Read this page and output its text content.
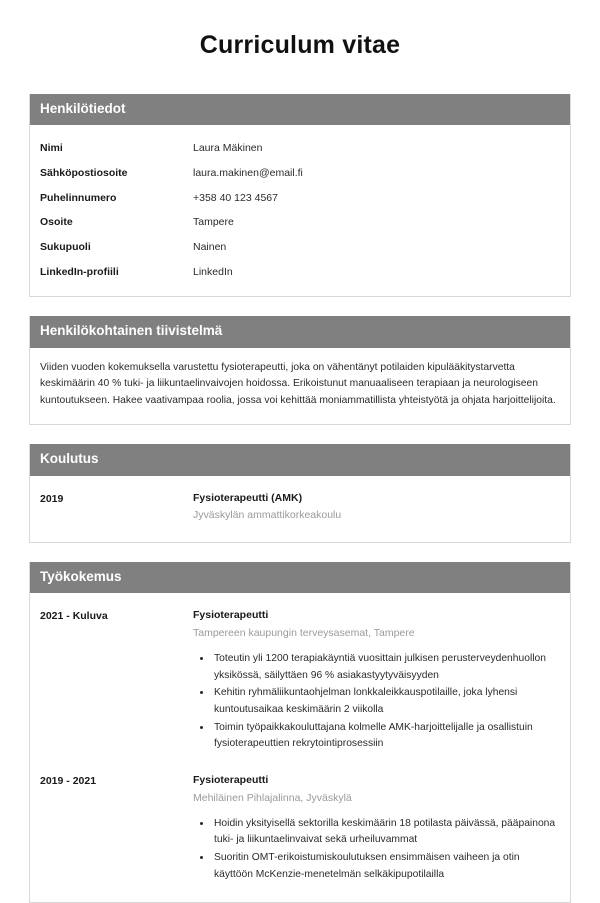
Curriculum vitae
Henkilötiedot
Nimi	Laura Mäkinen
Sähköpostiosoite	laura.makinen@email.fi
Puhelinnumero	+358 40 123 4567
Osoite	Tampere
Sukupuoli	Nainen
LinkedIn-profiili	LinkedIn
Henkilökohtainen tiivistelmä

Viiden vuoden kokemuksella varustettu fysioterapeutti, joka on vähentänyt potilaiden kipulääkitystarvetta keskimäärin 40 % tuki- ja liikuntaelinvaivojen hoidossa. Erikoistunut manuaaliseen terapiaan ja neurologiseen kuntoutukseen. Hakee vaativampaa roolia, jossa voi kehittää moniammatillista yhteistyötä ja ohjata harjoittelijoita.

Koulutus
2019	Fysioterapeutti (AMK)
Jyväskylän ammattikorkeakoulu
Työkokemus
2021 - Kuluva	Fysioterapeutti
Tampereen kaupungin terveysasemat, Tampere
• Toteutin yli 1200 terapiakäyntiä vuosittain julkisen perusterveydenhuollon yksikössä, säilyttäen 96 % asiakastyytyväisyyden
• Kehitin ryhmäliikuntaohjelman lonkkaleikkauspotilaille, joka lyhensi kuntoutusaikaa keskimäärin 2 viikolla
• Toimin työpaikkakouluttajana kolmelle AMK-harjoittelijalle ja osallistuin fysioterapeuttien rekrytointiprosessiin
2019 - 2021	Fysioterapeutti
Mehiläinen Pihlajalinna, Jyväskylä
• Hoidin yksityisellä sektorilla keskimäärin 18 potilasta päivässä, pääpainona tuki- ja liikuntaelinvaivat sekä urheiluvammat
• Suoritin OMT-erikoistumiskoulutuksen ensimmäisen vaiheen ja otin käyttöön McKenzie-menetelmän selkäkipupotilailla
